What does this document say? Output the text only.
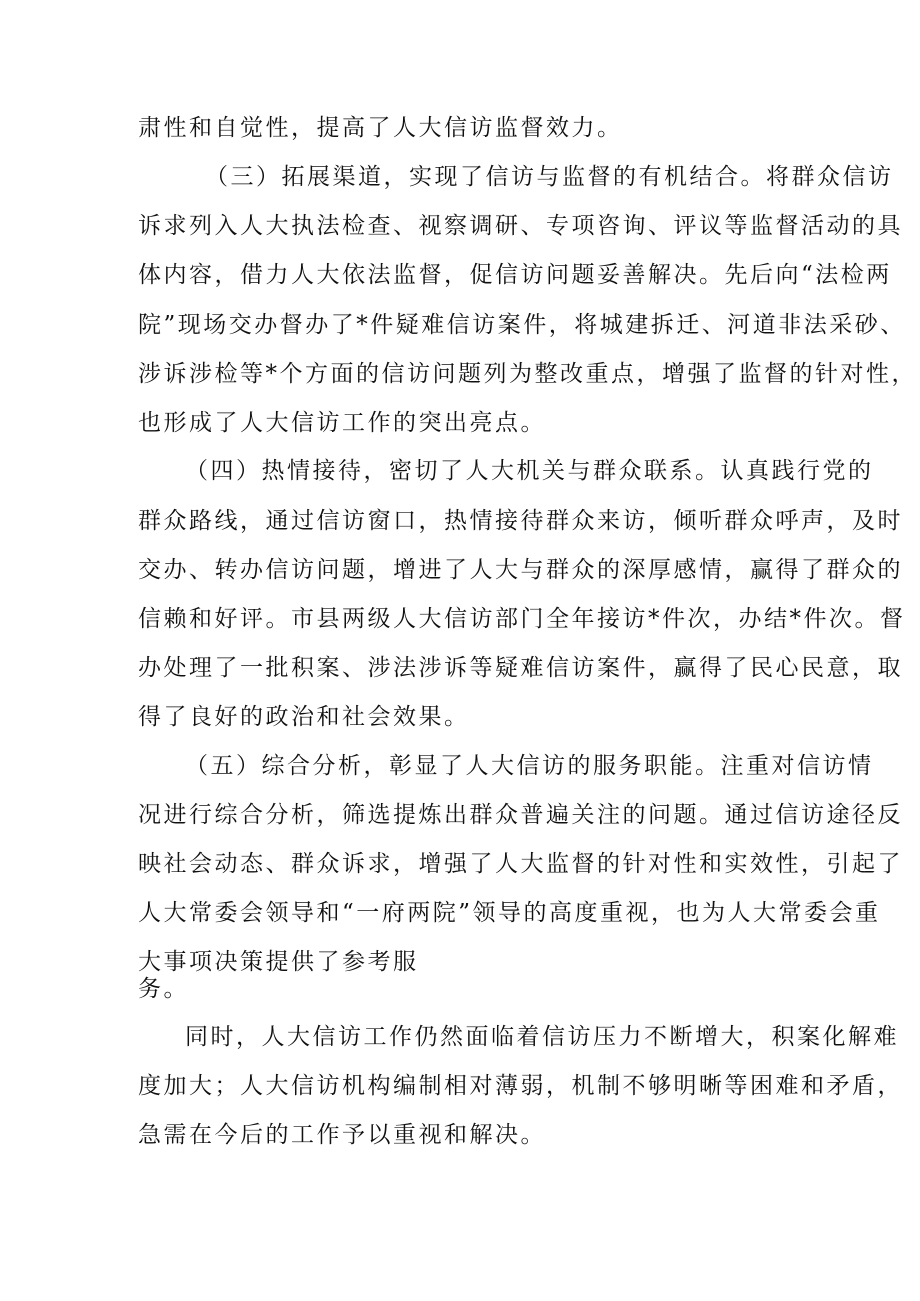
肃性和自觉性，提高了人大信访监督效力。
（三）拓展渠道，实现了信访与监督的有机结合。将群众信访
诉求列入人大执法检查、视察调研、专项咨询、评议等监督活动的具
体内容，借力人大依法监督，促信访问题妥善解决。先后向“法检两
院”现场交办督办了*件疑难信访案件，将城建拆迁、河道非法采砂、
涉诉涉检等*个方面的信访问题列为整改重点，增强了监督的针对性，
也形成了人大信访工作的突出亮点。
（四）热情接待，密切了人大机关与群众联系。认真践行党的
群众路线，通过信访窗口，热情接待群众来访，倾听群众呼声，及时
交办、转办信访问题，增进了人大与群众的深厚感情，赢得了群众的
信赖和好评。市县两级人大信访部门全年接访*件次，办结*件次。督
办处理了一批积案、涉法涉诉等疑难信访案件，赢得了民心民意，取
得了良好的政治和社会效果。
（五）综合分析，彰显了人大信访的服务职能。注重对信访情
况进行综合分析，筛选提炼出群众普遍关注的问题。通过信访途径反
映社会动态、群众诉求，增强了人大监督的针对性和实效性，引起了
人大常委会领导和“一府两院”领导的高度重视，也为人大常委会重
大事项决策提供了参考服
务。
同时，人大信访工作仍然面临着信访压力不断增大，积案化解难
度加大；人大信访机构编制相对薄弱，机制不够明晰等困难和矛盾，
急需在今后的工作予以重视和解决。
